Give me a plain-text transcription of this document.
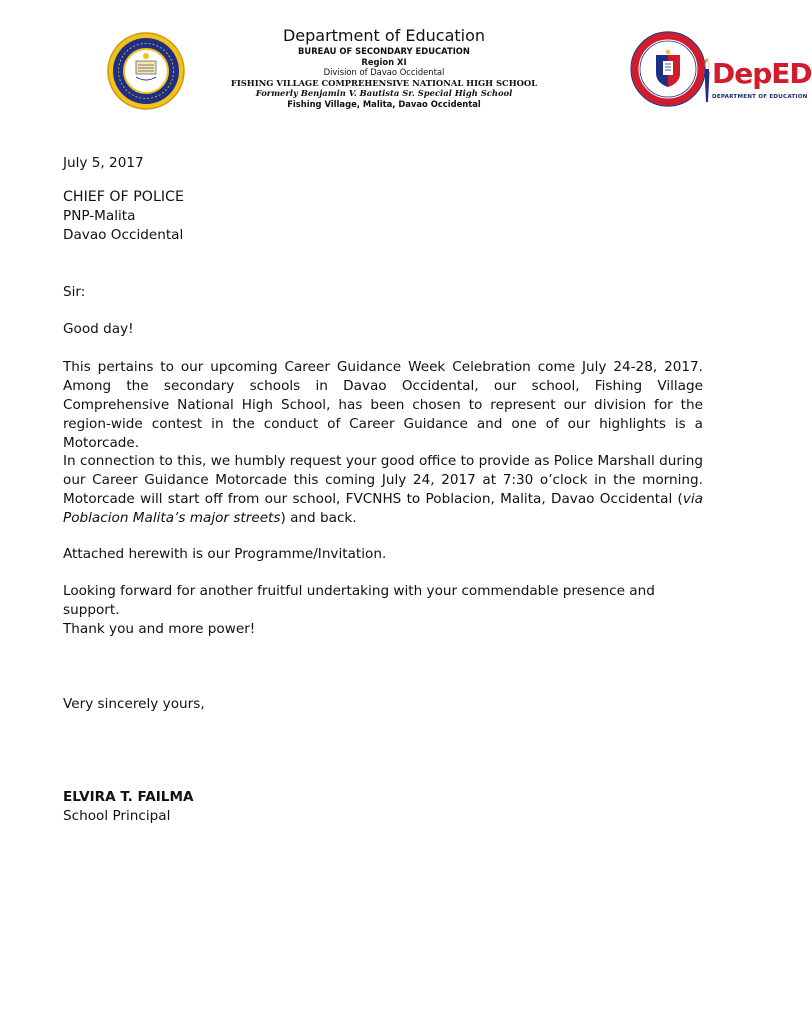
Department of Education
BUREAU OF SECONDARY EDUCATION
Region XI
Division of Davao Occidental
FISHING VILLAGE COMPREHENSIVE NATIONAL HIGH SCHOOL
Formerly Benjamin V. Bautista Sr. Special High School
Fishing Village, Malita, Davao Occidental
DepED
DEPARTMENT OF EDUCATION
July 5, 2017
CHIEF OF POLICE
PNP-Malita
Davao Occidental
Sir:
Good day!
This pertains to our upcoming Career Guidance Week Celebration come July 24-28, 2017. Among the secondary schools in Davao Occidental, our school, Fishing Village Comprehensive National High School, has been chosen to represent our division for the region-wide contest in the conduct of Career Guidance and one of our highlights is a Motorcade.
In connection to this, we humbly request your good office to provide as Police Marshall during our Career Guidance Motorcade this coming July 24, 2017 at 7:30 o’clock in the morning. Motorcade will start off from our school, FVCNHS to Poblacion, Malita, Davao Occidental (via Poblacion Malita’s major streets) and back.
Attached herewith is our Programme/Invitation.
Looking forward for another fruitful undertaking with your commendable presence and support.
Thank you and more power!
Very sincerely yours,
ELVIRA T. FAILMA
School Principal
